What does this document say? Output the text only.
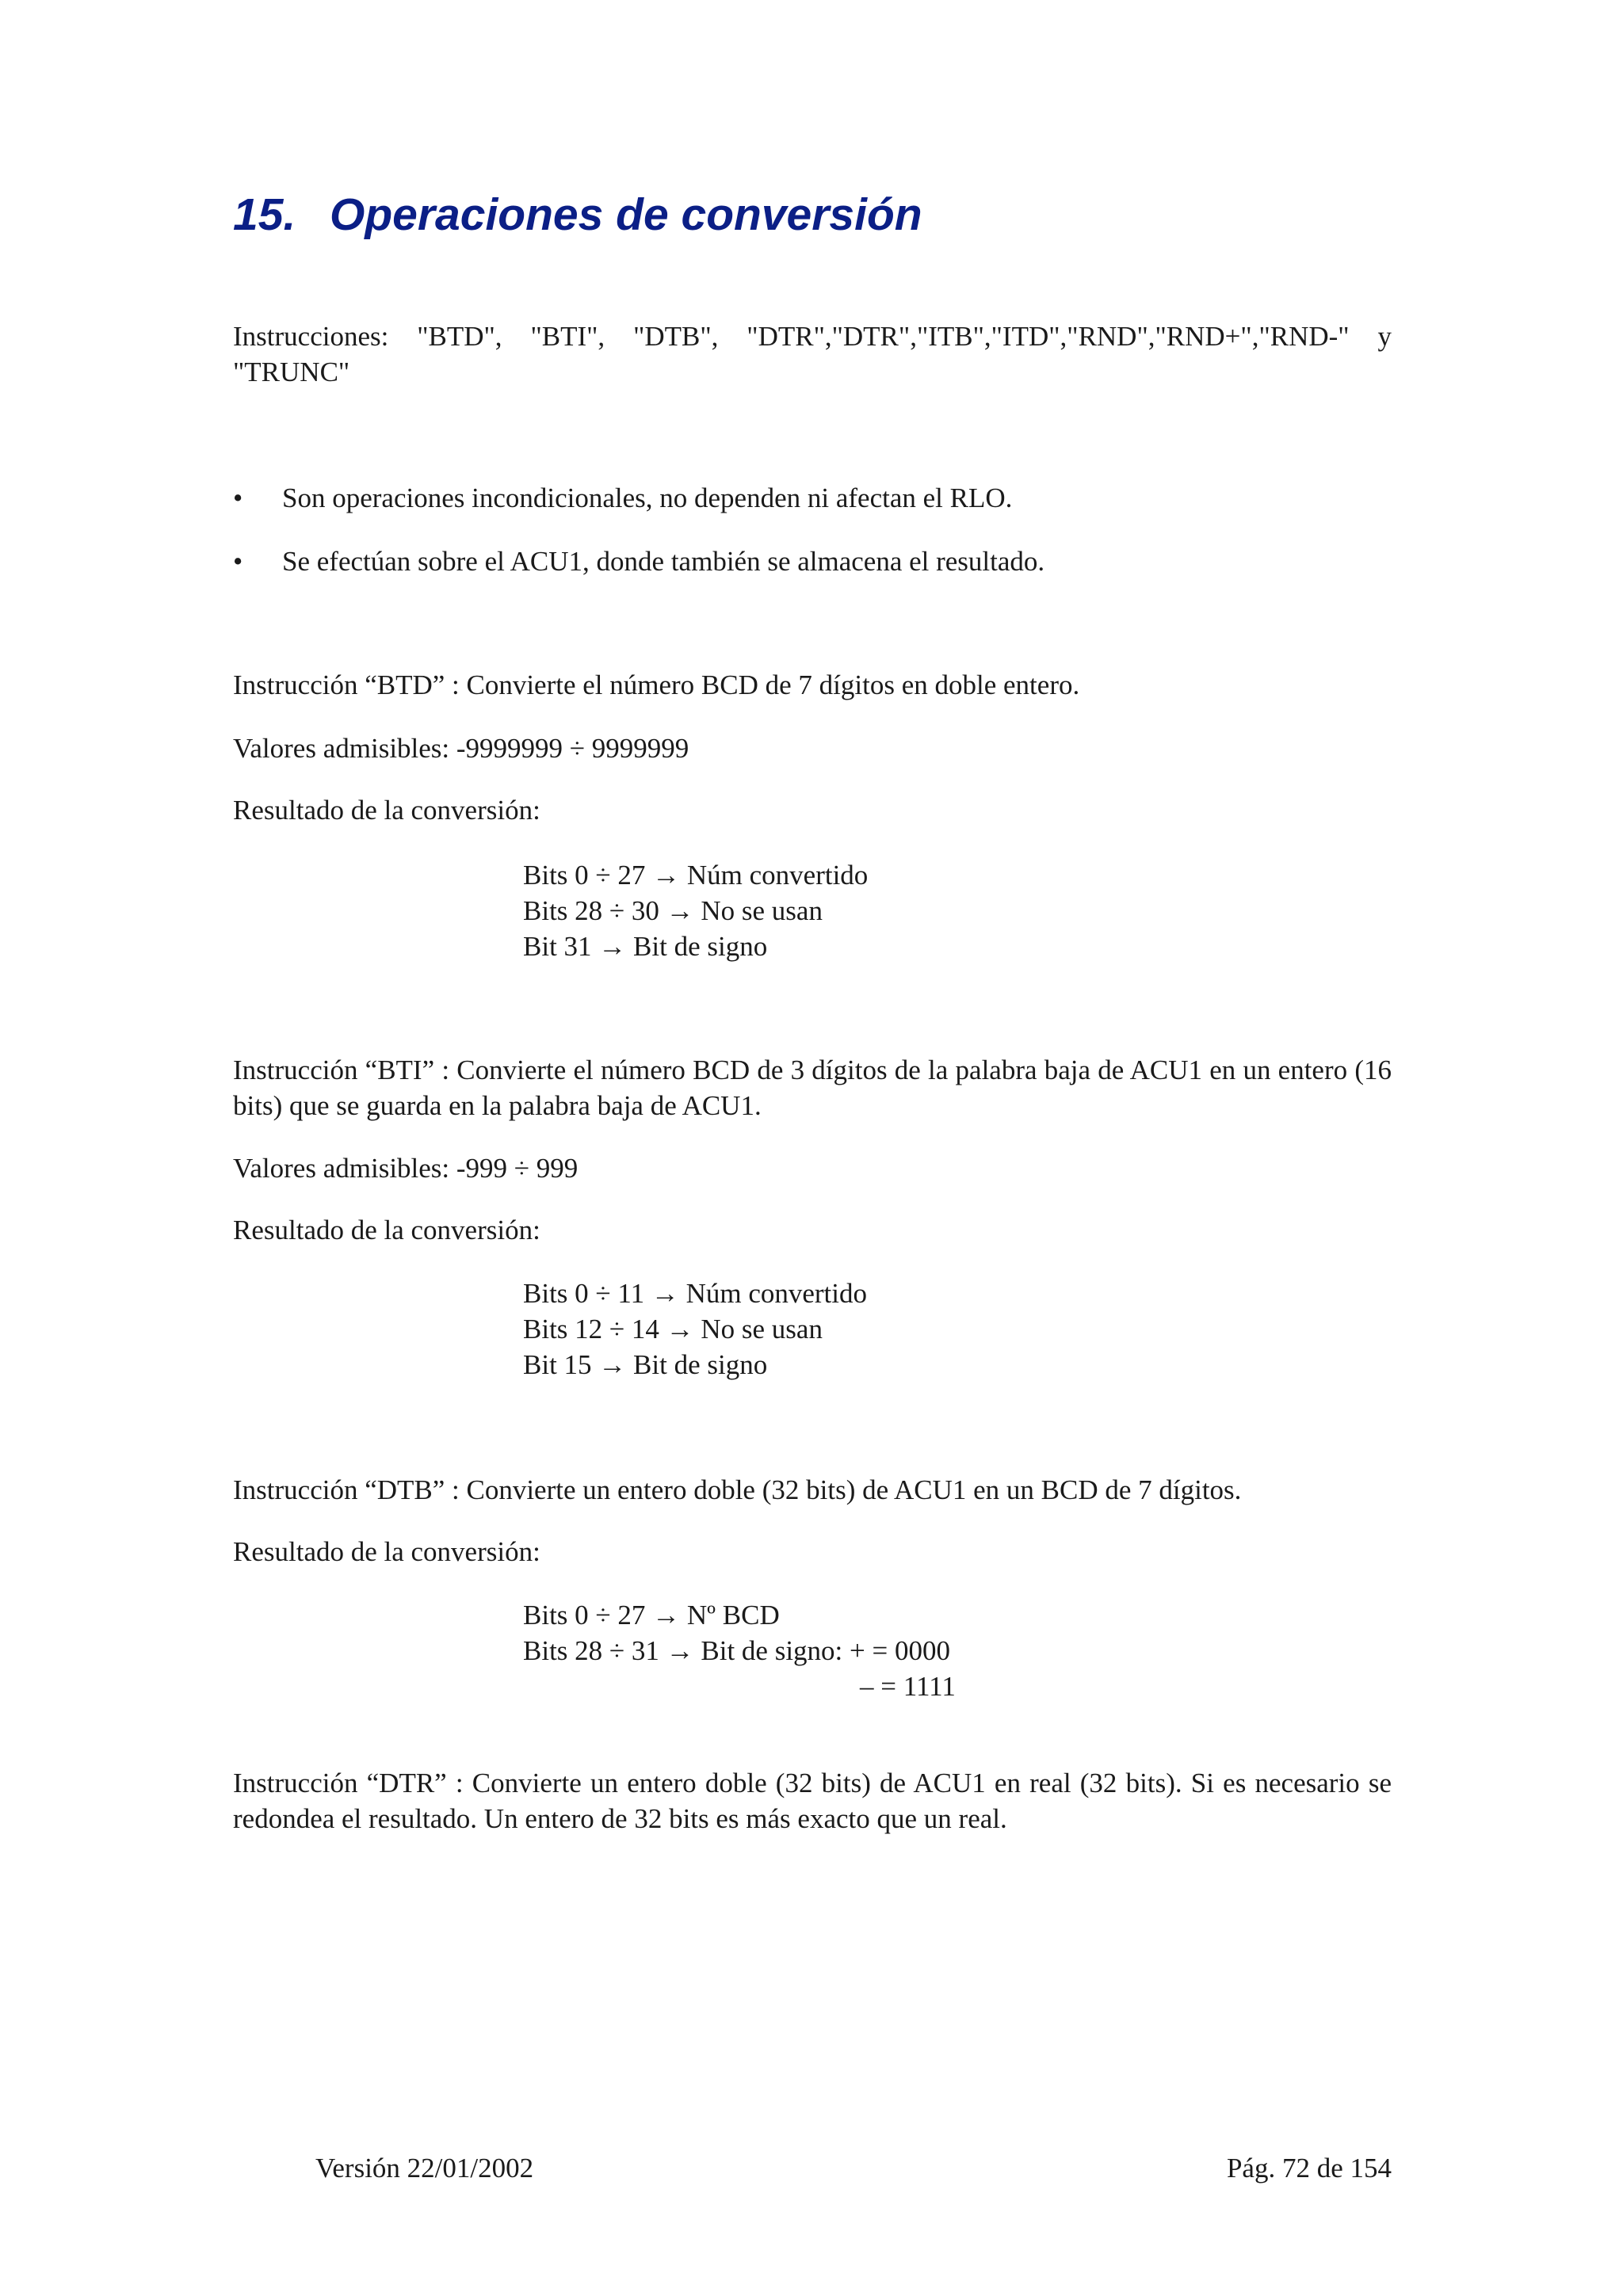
15. Operaciones de conversión

Instrucciones: "BTD", "BTI", "DTB", "DTR","DTR","ITB","ITD","RND","RND+","RND-" y "TRUNC"

• Son operaciones incondicionales, no dependen ni afectan el RLO.
• Se efectúan sobre el ACU1, donde también se almacena el resultado.

Instrucción “BTD” : Convierte el número BCD de 7 dígitos en doble entero.

Valores admisibles: -9999999 ÷ 9999999

Resultado de la conversión:

Bits 0 ÷ 27 → Núm convertido
Bits 28 ÷ 30 → No se usan
Bit 31 → Bit de signo

Instrucción “BTI” : Convierte el número BCD de 3 dígitos de la palabra baja de ACU1 en un entero (16 bits) que se guarda en la palabra baja de ACU1.

Valores admisibles: -999 ÷ 999

Resultado de la conversión:

Bits 0 ÷ 11 → Núm convertido
Bits 12 ÷ 14 → No se usan
Bit 15 → Bit de signo

Instrucción “DTB” : Convierte un entero doble (32 bits) de ACU1 en un BCD de 7 dígitos.

Resultado de la conversión:

Bits 0 ÷ 27 → Nº BCD
Bits 28 ÷ 31 → Bit de signo: + = 0000
– = 1111

Instrucción “DTR” : Convierte un entero doble (32 bits) de ACU1 en real (32 bits). Si es necesario se redondea el resultado. Un entero de 32 bits es más exacto que un real.

Versión 22/01/2002	Pág. 72 de 154
